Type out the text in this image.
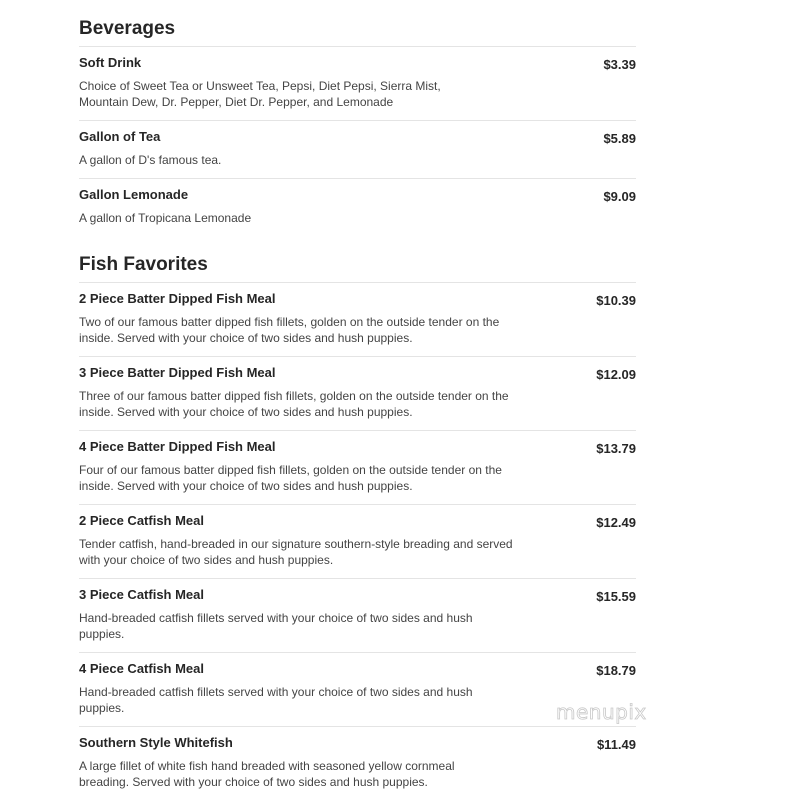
Beverages
Soft Drink	$3.39
Choice of Sweet Tea or Unsweet Tea, Pepsi, Diet Pepsi, Sierra Mist, Mountain Dew, Dr. Pepper, Diet Dr. Pepper, and Lemonade
Gallon of Tea	$5.89
A gallon of D's famous tea.
Gallon Lemonade	$9.09
A gallon of Tropicana Lemonade
Fish Favorites
2 Piece Batter Dipped Fish Meal	$10.39
Two of our famous batter dipped fish fillets, golden on the outside tender on the inside. Served with your choice of two sides and hush puppies.
3 Piece Batter Dipped Fish Meal	$12.09
Three of our famous batter dipped fish fillets, golden on the outside tender on the inside. Served with your choice of two sides and hush puppies.
4 Piece Batter Dipped Fish Meal	$13.79
Four of our famous batter dipped fish fillets, golden on the outside tender on the inside. Served with your choice of two sides and hush puppies.
2 Piece Catfish Meal	$12.49
Tender catfish, hand-breaded in our signature southern-style breading and served with your choice of two sides and hush puppies.
3 Piece Catfish Meal	$15.59
Hand-breaded catfish fillets served with your choice of two sides and hush puppies.
4 Piece Catfish Meal	$18.79
Hand-breaded catfish fillets served with your choice of two sides and hush puppies.
Southern Style Whitefish	$11.49
A large fillet of white fish hand breaded with seasoned yellow cornmeal breading. Served with your choice of two sides and hush puppies.
menupix
